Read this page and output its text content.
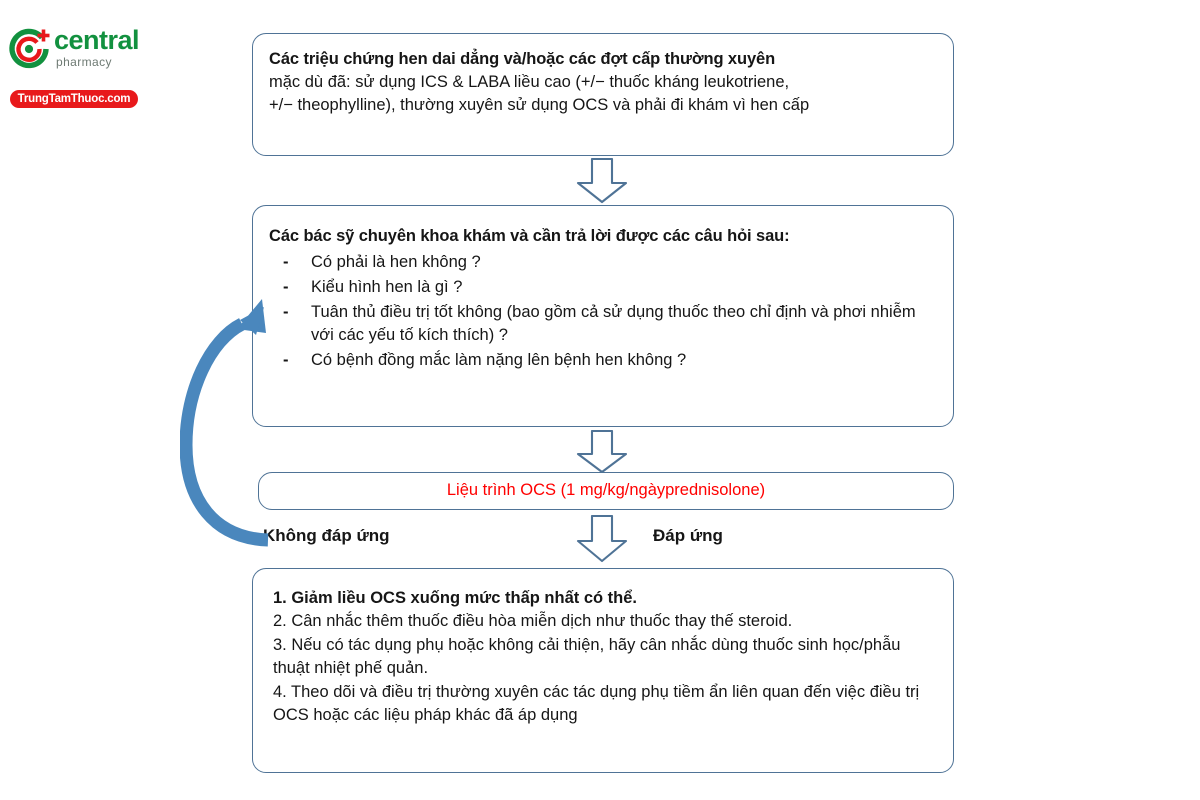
central
pharmacy
TrungTamThuoc.com
Các triệu chứng hen dai dẳng và/hoặc các đợt cấp thường xuyên
mặc dù đã: sử dụng ICS & LABA liều cao (+/− thuốc kháng leukotriene,
+/− theophylline), thường xuyên sử dụng OCS và phải đi khám vì hen cấp
Các bác sỹ chuyên khoa khám và cần trả lời được các câu hỏi sau:
- Có phải là hen không ?
- Kiểu hình hen là gì ?
- Tuân thủ điều trị tốt không (bao gồm cả sử dụng thuốc theo chỉ định và phơi nhiễm với các yếu tố kích thích) ?
- Có bệnh đồng mắc làm nặng lên bệnh hen không ?
Liệu trình OCS (1 mg/kg/ngàyprednisolone)
Không đáp ứng	Đáp ứng
1. Giảm liều OCS xuống mức thấp nhất có thể.
2. Cân nhắc thêm thuốc điều hòa miễn dịch như thuốc thay thế steroid.
3. Nếu có tác dụng phụ hoặc không cải thiện, hãy cân nhắc dùng thuốc sinh học/phẫu thuật nhiệt phế quản.
4. Theo dõi và điều trị thường xuyên các tác dụng phụ tiềm ẩn liên quan đến việc điều trị OCS hoặc các liệu pháp khác đã áp dụng
